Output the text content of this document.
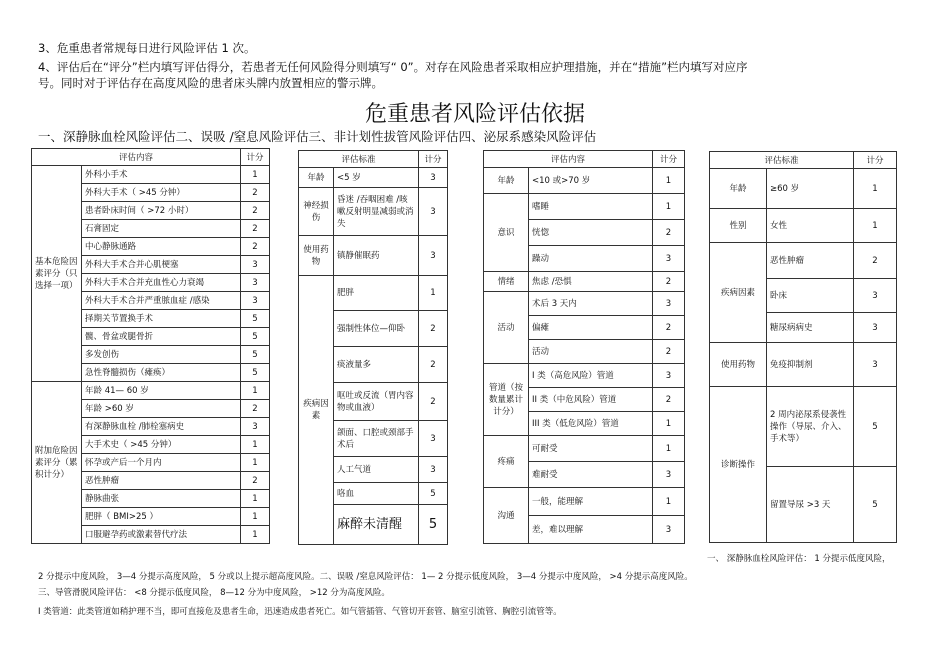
3、危重患者常规每日进行风险评估 1 次。
4、评估后在“评分”栏内填写评估得分，若患者无任何风险得分则填写“ 0”。对存在风险患者采取相应护理措施，并在“措施”栏内填写对应序
号。同时对于评估存在高度风险的患者床头牌内放置相应的警示牌。
危重患者风险评估依据
一、深静脉血栓风险评估二、误吸 /窒息风险评估三、非计划性拔管风险评估四、泌尿系感染风险评估
评估内容		计分
基本危险因素评分（只选择一项）	外科小手术	1
	外科大手术（ >45 分钟）	2
	患者卧床时间（ >72 小时）	2
	石膏固定	2
	中心静脉通路	2
	外科大手术合并心肌梗塞	3
	外科大手术合并充血性心力衰竭	3
	外科大手术合并严重脓血症 /感染	3
	择期关节置换手术	5
	髋、骨盆或腿骨折	5
	多发创伤	5
	急性脊髓损伤（瘫痪）	5
附加危险因素评分（累积计分）	年龄 41— 60 岁	1
	年龄 >60 岁	2
	有深静脉血栓 /肺栓塞病史	3
	大手术史（ >45 分钟）	1
	怀孕或产后一个月内	1
	恶性肿瘤	2
	静脉曲张	1
	肥胖（ BMI>25 ）	1
	口服避孕药或激素替代疗法	1
评估标准		计分
年龄	<5 岁	3
神经损伤	昏迷 /吞咽困难 /咳嗽反射明显减弱或消失	3
使用药物	镇静催眠药	3
疾病因素	肥胖	1
	强制性体位—仰卧	2
	痰液量多	2
	呕吐或反流（胃内容物或血液）	2
	颌面、口腔或颈部手术后	3
	人工气道	3
	咯血	5
	麻醉未清醒	5
评估内容		计分
年龄	<10 或>70 岁	1
意识	嗜睡	1
	恍惚	2
	躁动	3
情绪	焦虑 /恐惧	2
活动	术后 3 天内	3
	偏瘫	2
	活动	2
管道（按数量累计计分）	I 类（高危风险）管道	3
	II 类（中危风险）管道	2
	III 类（低危风险）管道	1
疼痛	可耐受	1
	难耐受	3
沟通	一般，能理解	1
	差，难以理解	3
评估标准		计分
年龄	≥60 岁	1
性别	女性	1
疾病因素	恶性肿瘤	2
	卧床	3
	糖尿病病史	3
使用药物	免疫抑制剂	3
诊断操作	2 周内泌尿系侵袭性操作（导尿、介入、手术等）	5
	留置导尿 >3 天	5
一、 深静脉血栓风险评估： 1 分提示低度风险，
2 分提示中度风险， 3—4 分提示高度风险， 5 分或以上提示超高度风险。二、误吸 /窒息风险评估： 1— 2 分提示低度风险， 3—4 分提示中度风险， >4 分提示高度风险。
三、导管滑脱风险评估： <8 分提示低度风险， 8—12 分为中度风险， >12 分为高度风险。
I 类管道：此类管道如稍护理不当，即可直接危及患者生命，迅速造成患者死亡。如气管插管、气管切开套管、脑室引流管、胸腔引流管等。
